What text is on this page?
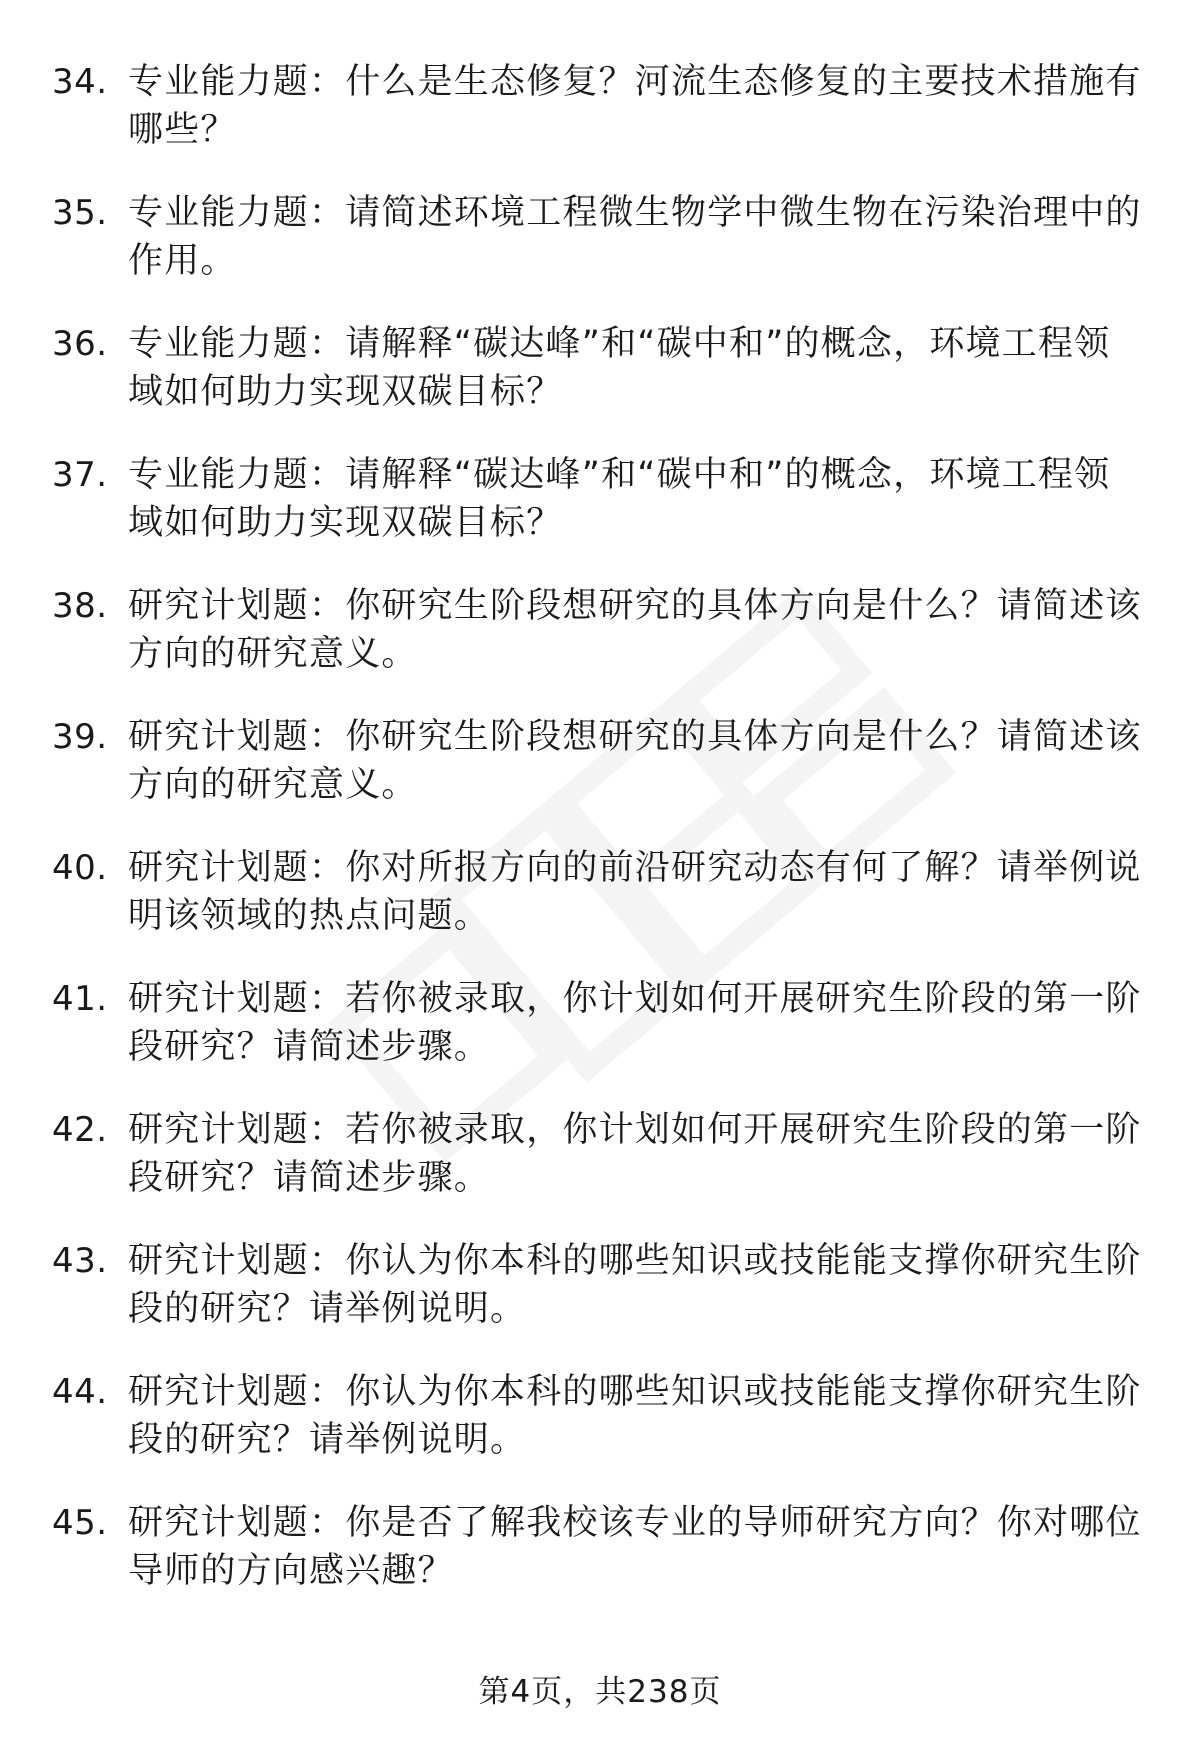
34. 专业能力题：什么是生态修复？河流生态修复的主要技术措施有哪些？
35. 专业能力题：请简述环境工程微生物学中微生物在污染治理中的作用。
36. 专业能力题：请解释“碳达峰”和“碳中和”的概念，环境工程领域如何助力实现双碳目标？
37. 专业能力题：请解释“碳达峰”和“碳中和”的概念，环境工程领域如何助力实现双碳目标？
38. 研究计划题：你研究生阶段想研究的具体方向是什么？请简述该方向的研究意义。
39. 研究计划题：你研究生阶段想研究的具体方向是什么？请简述该方向的研究意义。
40. 研究计划题：你对所报方向的前沿研究动态有何了解？请举例说明该领域的热点问题。
41. 研究计划题：若你被录取，你计划如何开展研究生阶段的第一阶段研究？请简述步骤。
42. 研究计划题：若你被录取，你计划如何开展研究生阶段的第一阶段研究？请简述步骤。
43. 研究计划题：你认为你本科的哪些知识或技能能支撑你研究生阶段的研究？请举例说明。
44. 研究计划题：你认为你本科的哪些知识或技能能支撑你研究生阶段的研究？请举例说明。
45. 研究计划题：你是否了解我校该专业的导师研究方向？你对哪位导师的方向感兴趣？
第4页，共238页
